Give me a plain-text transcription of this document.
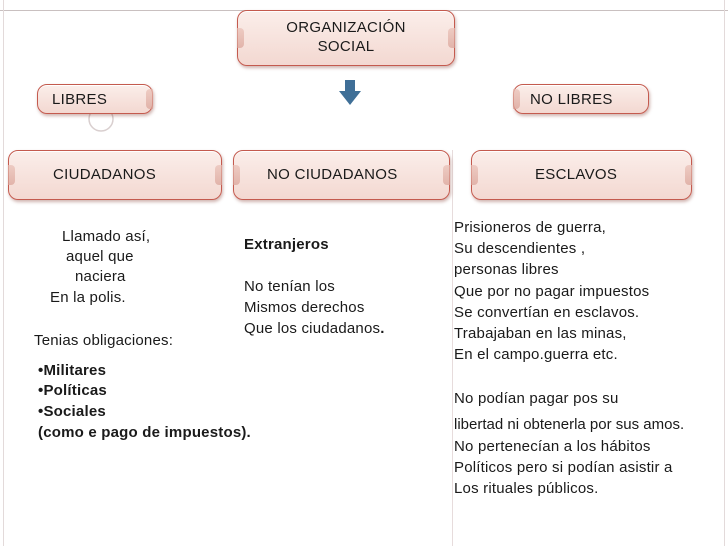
ORGANIZACIÓN
SOCIAL
LIBRES	NO LIBRES
CIUDADANOS	NO CIUDADANOS	ESCLAVOS
Llamado así,
aquel que
naciera
En la polis.
Tenias obligaciones:
•Militares
•Políticas
•Sociales
(como e pago de impuestos).
Extranjeros
No tenían los
Mismos derechos
Que los ciudadanos.
Prisioneros de guerra,
Su descendientes ,
personas libres
Que por no pagar impuestos
Se convertían en esclavos.
Trabajaban en las minas,
En el campo.guerra etc.
No podían pagar pos su
libertad ni obtenerla por sus amos.
No pertenecían a los hábitos
Políticos pero si podían asistir a
Los rituales públicos.
